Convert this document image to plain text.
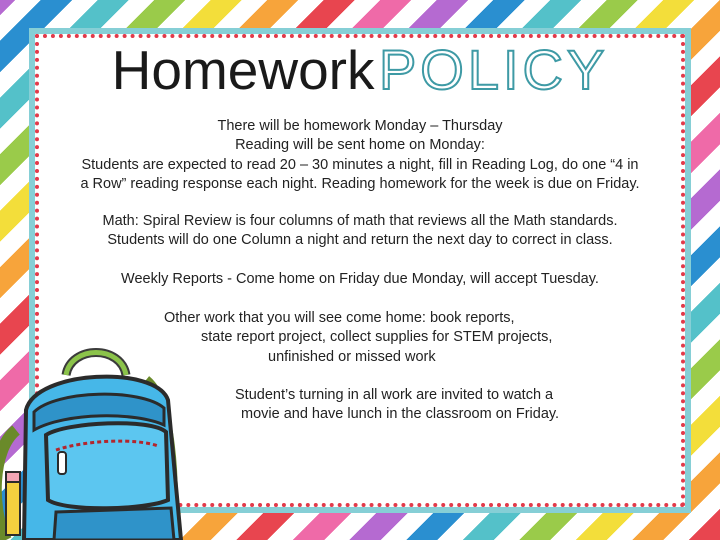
Homework POLICY
There will be homework Monday – Thursday
Reading will be sent home on Monday:
Students are expected to read 20 – 30 minutes a night, fill in Reading Log, do one “4 in
a Row” reading response each night. Reading homework for the week is due on Friday.
Math: Spiral Review is four columns of math that reviews all the Math standards.
Students will do one Column a night and return the next day to correct in class.
Weekly Reports - Come home on Friday due Monday, will accept Tuesday.
Other work that you will see come home: book reports,
state report project, collect supplies for STEM projects,
unfinished or missed work
Student’s turning in all work are invited to watch a
movie and have lunch in the classroom on Friday.
